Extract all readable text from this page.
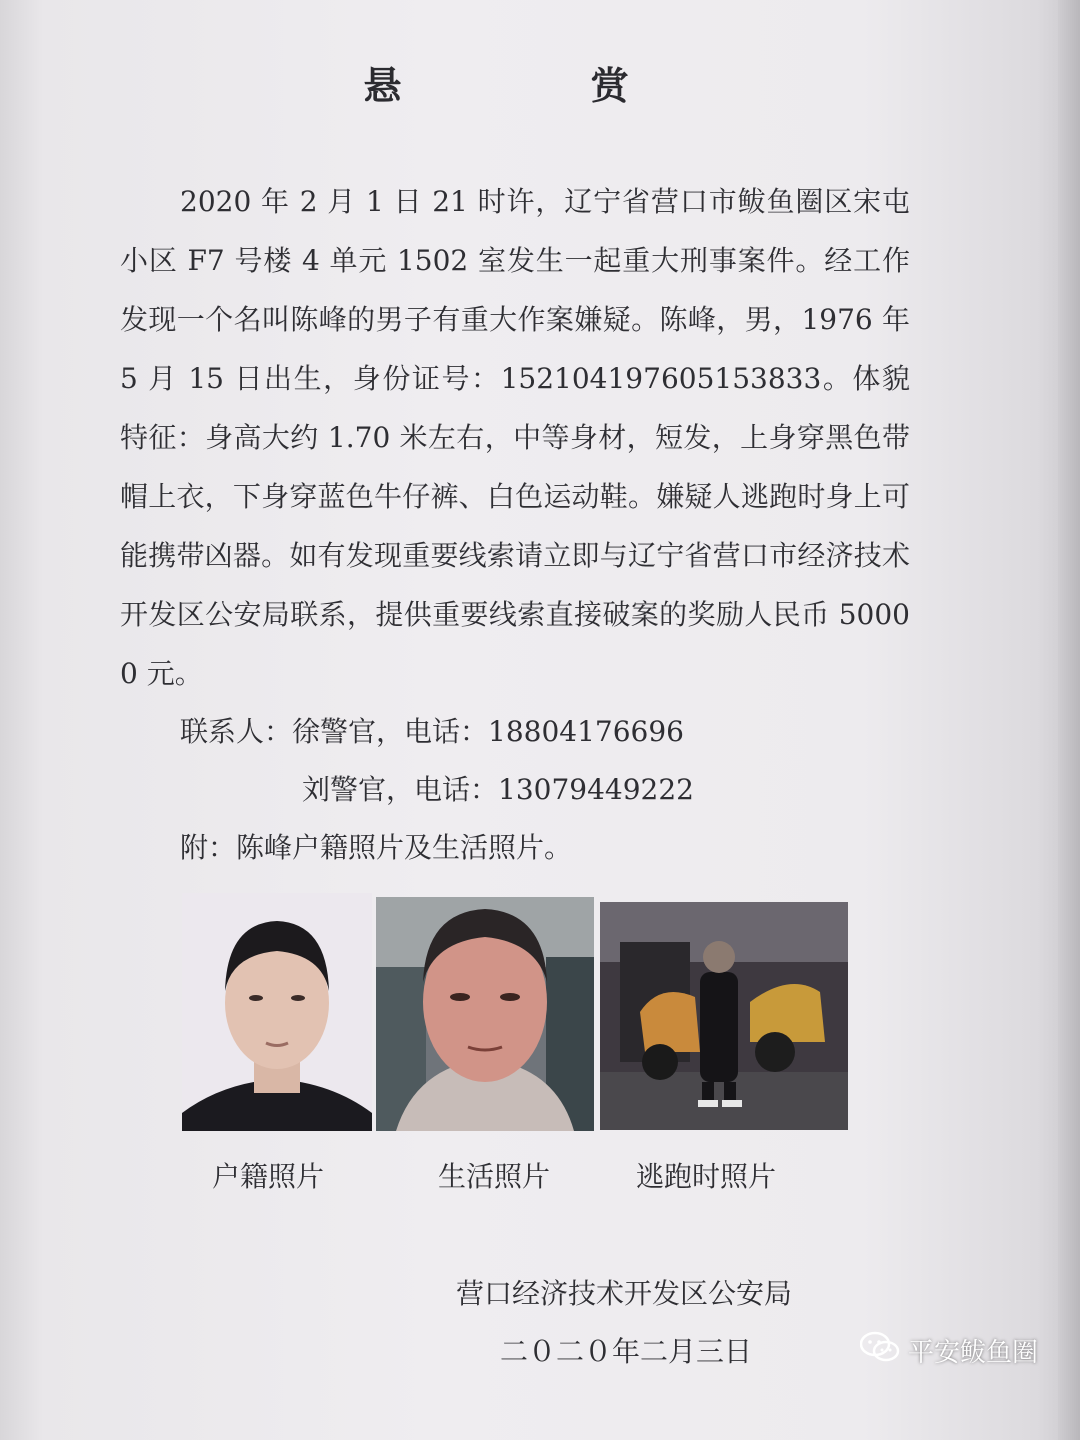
悬 赏
2020 年 2 月 1 日 21 时许，辽宁省营口市鲅鱼圈区宋屯小区 F7 号楼 4 单元 1502 室发生一起重大刑事案件。经工作发现一个名叫陈峰的男子有重大作案嫌疑。陈峰，男，1976 年 5 月 15 日出生，身份证号：152104197605153833。体貌特征：身高大约 1.70 米左右，中等身材，短发，上身穿黑色带帽上衣，下身穿蓝色牛仔裤、白色运动鞋。嫌疑人逃跑时身上可能携带凶器。如有发现重要线索请立即与辽宁省营口市经济技术开发区公安局联系，提供重要线索直接破案的奖励人民币 50000 元。
联系人：徐警官，电话：18804176696
刘警官，电话：13079449222
附：陈峰户籍照片及生活照片。
户籍照片	生活照片	逃跑时照片
营口经济技术开发区公安局
二０二０年二月三日	平安鲅鱼圈
